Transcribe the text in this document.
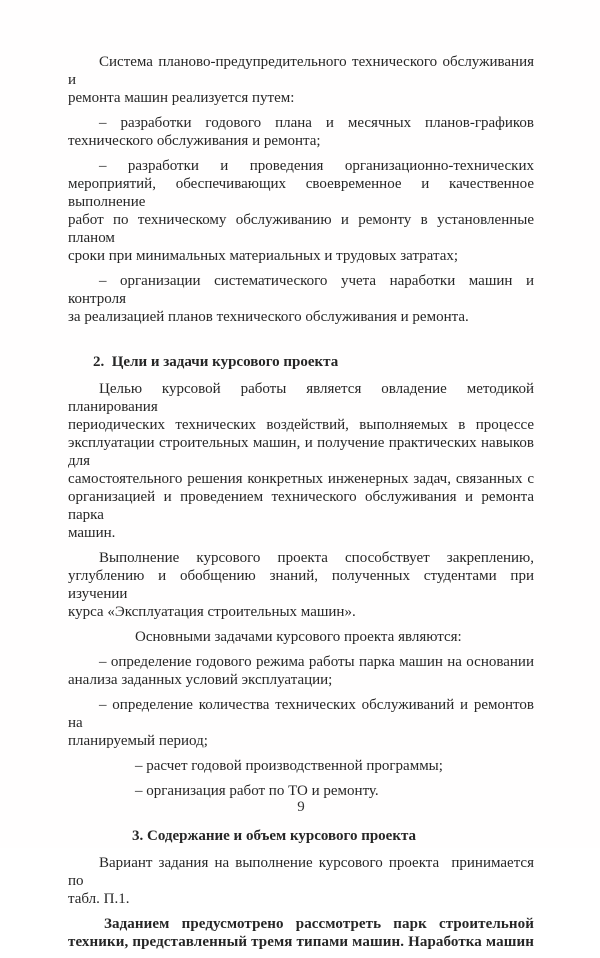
Система планово-предупредительного технического обслуживания и
ремонта машин реализуется путем:
– разработки годового плана и месячных планов-графиков
технического обслуживания и ремонта;
– разработки и проведения организационно-технических
мероприятий, обеспечивающих своевременное и качественное выполнение
работ по техническому обслуживанию и ремонту в установленные планом
сроки при минимальных материальных и трудовых затратах;
– организации систематического учета наработки машин и контроля
за реализацией планов технического обслуживания и ремонта.
2.  Цели и задачи курсового проекта
Целью курсовой работы является овладение методикой планирования
периодических технических воздействий, выполняемых в процессе
эксплуатации строительных машин, и получение практических навыков для
самостоятельного решения конкретных инженерных задач, связанных с
организацией и проведением технического обслуживания и ремонта парка
машин.
Выполнение курсового проекта способствует закреплению,
углублению и обобщению знаний, полученных студентами при изучении
курса «Эксплуатация строительных машин».
Основными задачами курсового проекта являются:
– определение годового режима работы парка машин на основании
анализа заданных условий эксплуатации;
– определение количества технических обслуживаний и ремонтов на
планируемый период;
– расчет годовой производственной программы;
– организация работ по ТО и ремонту.
3. Содержание и объем курсового проекта
Вариант задания на выполнение курсового проекта  принимается по
табл. П.1.
Заданием предусмотрено рассмотреть парк строительной
техники, представленный тремя типами машин. Наработка машин
9
